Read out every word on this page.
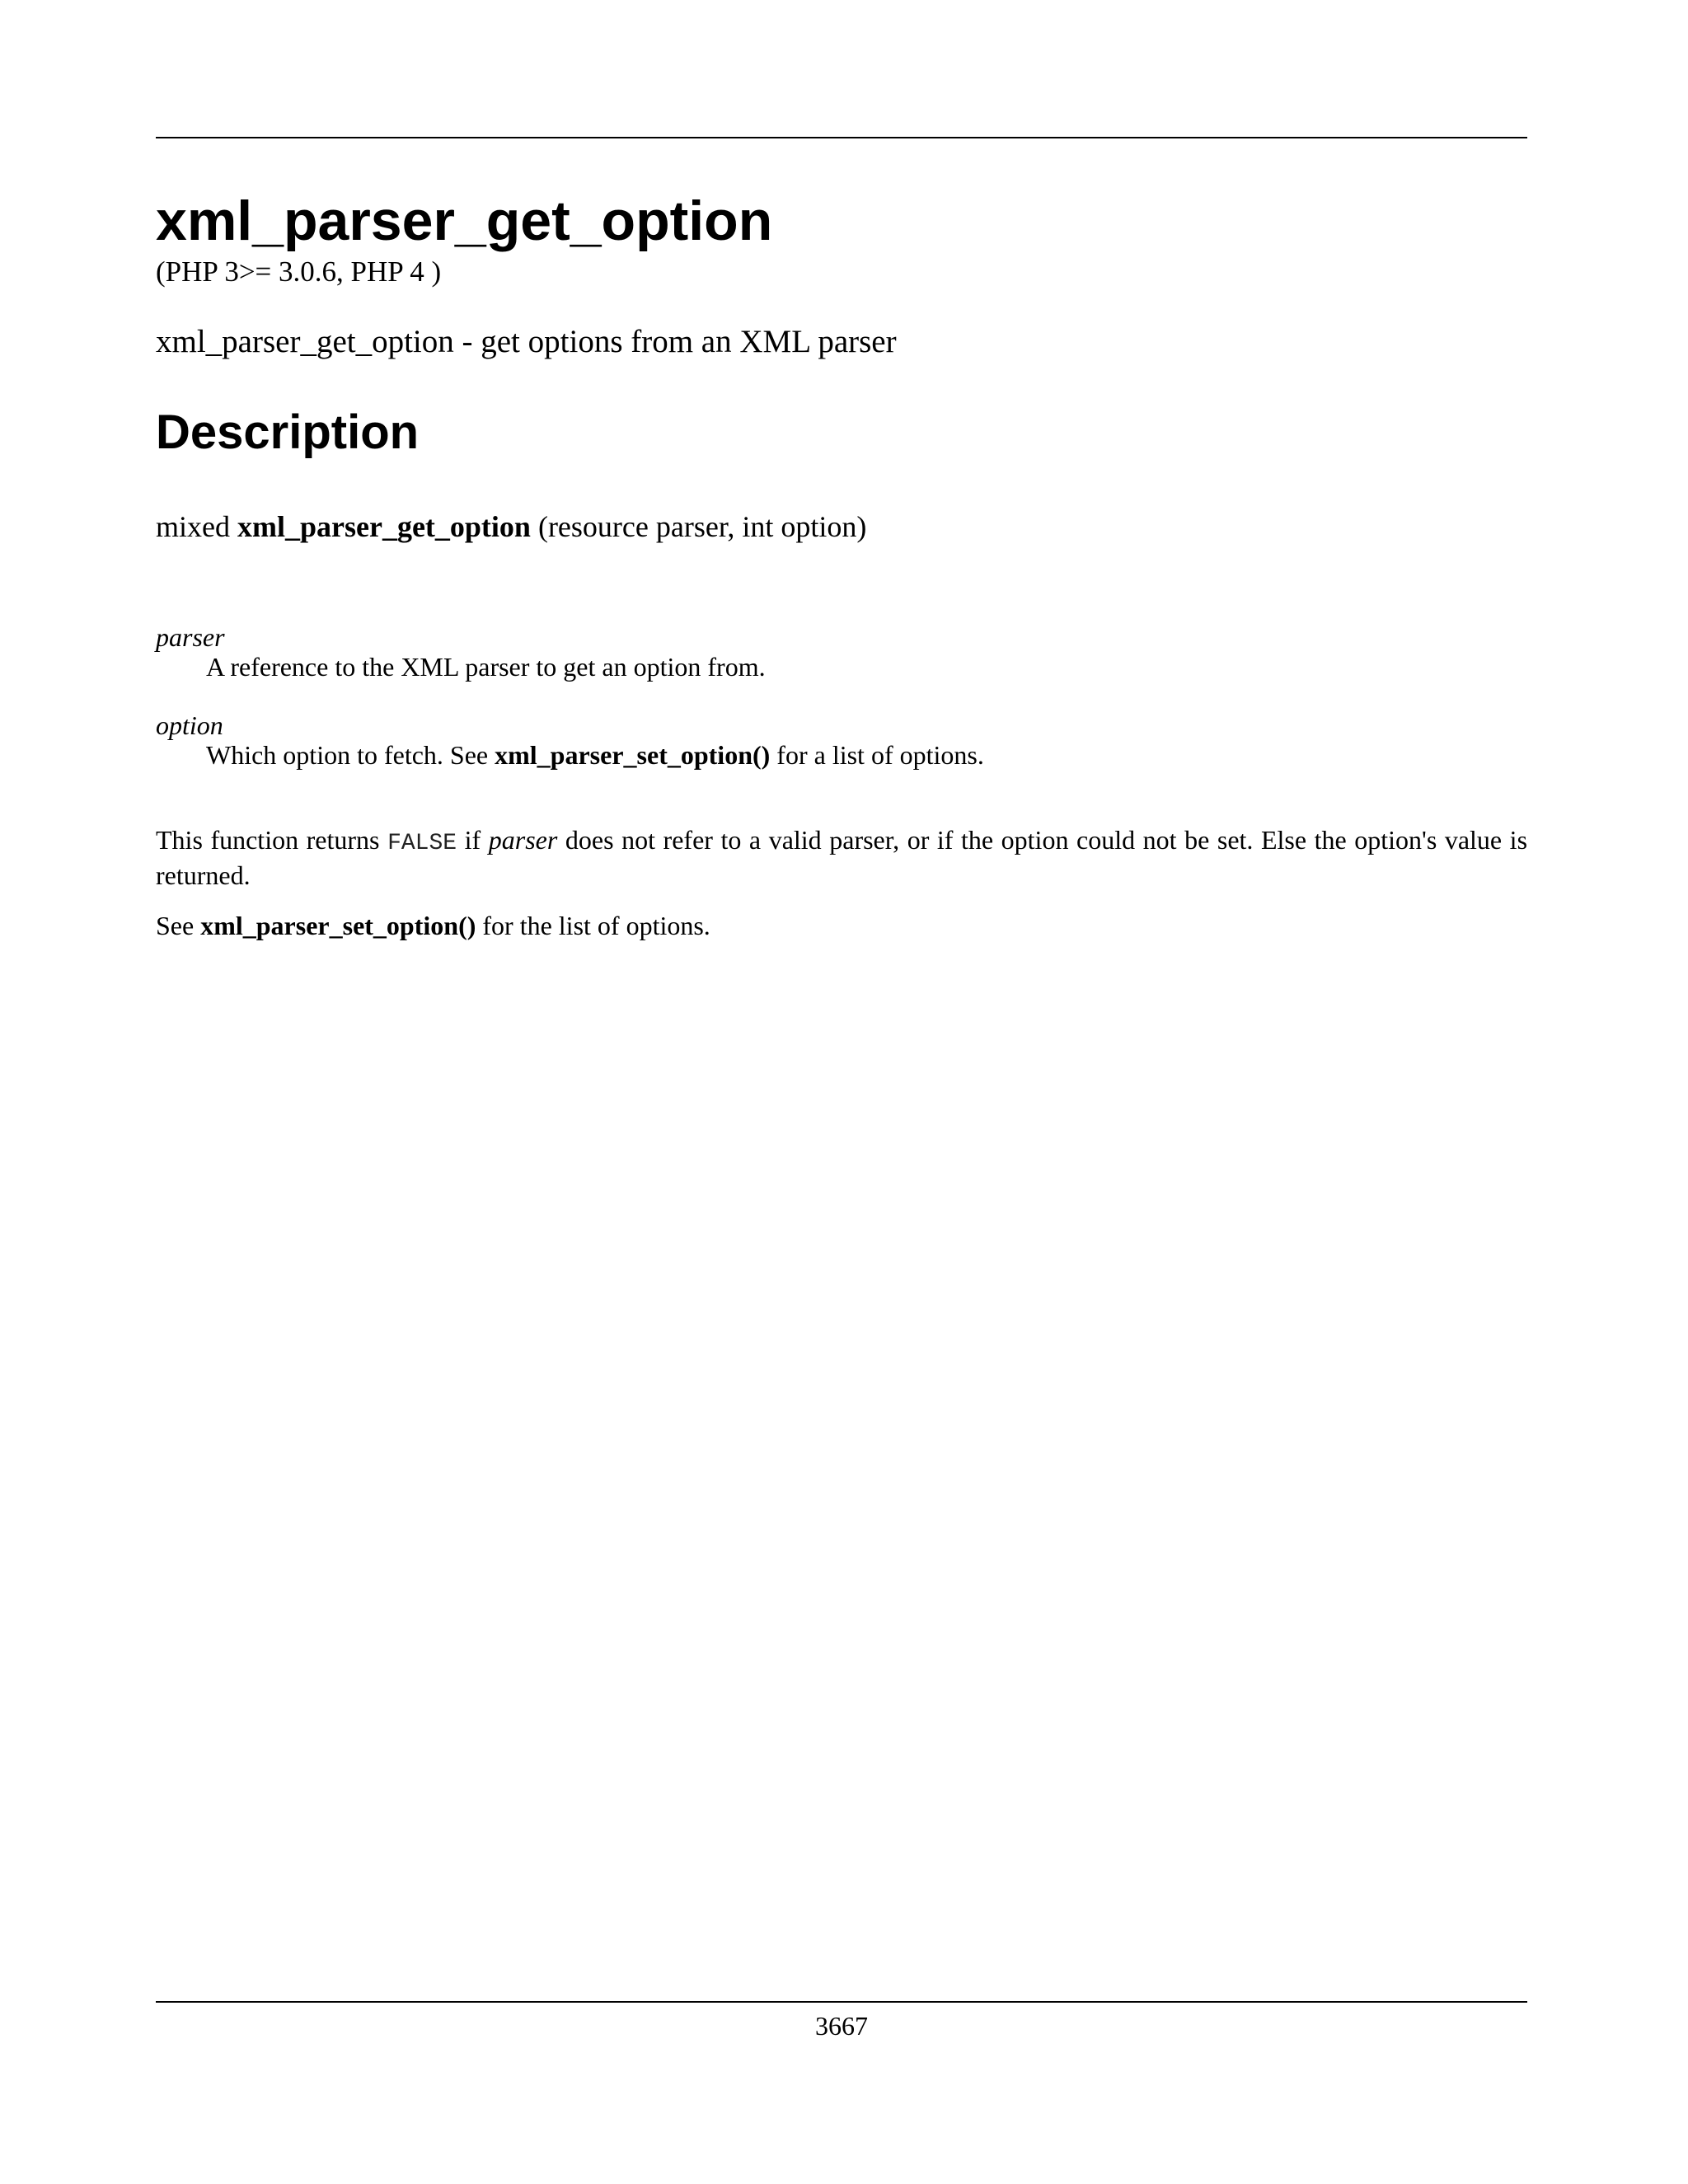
xml_parser_get_option
(PHP 3>= 3.0.6, PHP 4 )
xml_parser_get_option - get options from an XML parser
Description
mixed xml_parser_get_option (resource parser, int option)
parser
A reference to the XML parser to get an option from.
option
Which option to fetch. See xml_parser_set_option() for a list of options.
This function returns FALSE if parser does not refer to a valid parser, or if the option could not be set. Else the option's value is returned.
See xml_parser_set_option() for the list of options.
3667
